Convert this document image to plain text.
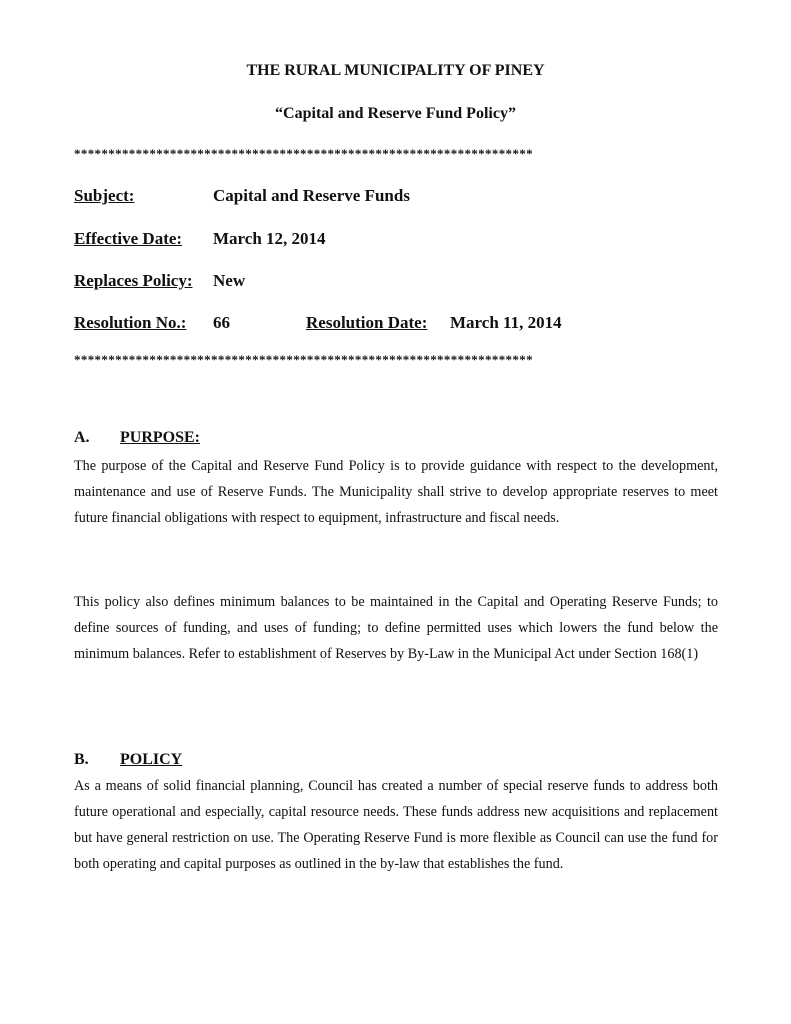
THE RURAL MUNICIPALITY OF PINEY
“Capital and Reserve Fund Policy”
*******************************************************************
Subject:	Capital and Reserve Funds
Effective Date: March 12, 2014
Replaces Policy: New
Resolution No.: 66	Resolution Date: March 11, 2014
*******************************************************************
A. PURPOSE:

The purpose of the Capital and Reserve Fund Policy is to provide guidance with respect to the development, maintenance and use of Reserve Funds. The Municipality shall strive to develop appropriate reserves to meet future financial obligations with respect to equipment, infrastructure and fiscal needs.

This policy also defines minimum balances to be maintained in the Capital and Operating Reserve Funds; to define sources of funding, and uses of funding; to define permitted uses which lowers the fund below the minimum balances. Refer to establishment of Reserves by By-Law in the Municipal Act under Section 168(1)

B. POLICY

As a means of solid financial planning, Council has created a number of special reserve funds to address both future operational and especially, capital resource needs. These funds address new acquisitions and replacement but have general restriction on use. The Operating Reserve Fund is more flexible as Council can use the fund for both operating and capital purposes as outlined in the by-law that establishes the fund.
